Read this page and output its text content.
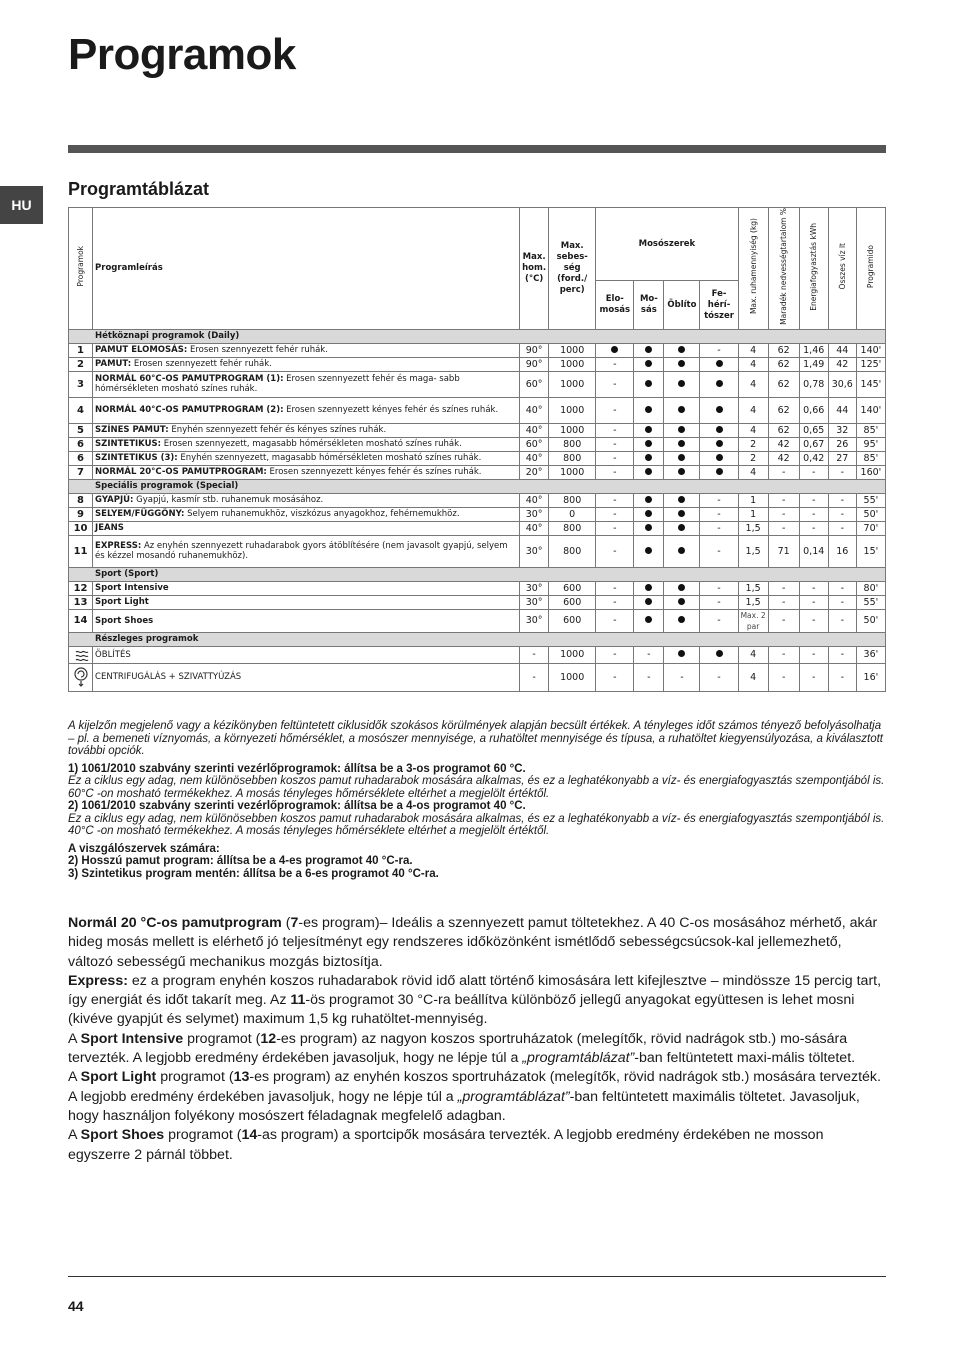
Programok
HU
Programtáblázat
Programok	Programleírás	Max. hom. (°C)	Max. sebes- ség (ford./ perc)	Mosószerek				Max. ruhamennyiség (kg)	Maradék nedvességtartalom %	Energiafogyasztás kWh	Összes víz lt	Programido
				Elo- mosás	Mo- sás	Öblíto	Fe- hérí- tószer					
Hétköznapi programok (Daily)												
1	PAMUT ELOMOSÁS: Erosen szennyezett fehér ruhák.	90°	1000				-	4	62	1,46	44	140'
2	PAMUT: Erosen szennyezett fehér ruhák.	90°	1000	-				4	62	1,49	42	125'
3	NORMÁL 60°C-OS PAMUTPROGRAM (1): Erosen szennyezett fehér és maga- sabb hómérsékleten mosható színes ruhák.	60°	1000	-				4	62	0,78	30,6	145'
4	NORMÁL 40°C-OS PAMUTPROGRAM (2): Erosen szennyezett kényes fehér és színes ruhák.	40°	1000	-				4	62	0,66	44	140'
5	SZÍNES PAMUT: Enyhén szennyezett fehér és kényes színes ruhák.	40°	1000	-				4	62	0,65	32	85'
6	SZINTETIKUS: Erosen szennyezett, magasabb hómérsékleten mosható színes ruhák.	60°	800	-				2	42	0,67	26	95'
6	SZINTETIKUS (3): Enyhén szennyezett, magasabb hómérsékleten mosható színes ruhák.	40°	800	-				2	42	0,42	27	85'
7	NORMÁL 20°C-OS PAMUTPROGRAM: Erosen szennyezett kényes fehér és színes ruhák.	20°	1000	-				4	-	-	-	160'
Speciális programok (Special)												
8	GYAPJÚ: Gyapjú, kasmír stb. ruhanemuk mosásához.	40°	800	-			-	1	-	-	-	55'
9	SELYEM/FÜGGÖNY: Selyem ruhanemukhöz, viszkózus anyagokhoz, fehérnemukhöz.	30°	0	-			-	1	-	-	-	50'
10	JEANS	40°	800	-			-	1,5	-	-	-	70'
11	EXPRESS: Az enyhén szennyezett ruhadarabok gyors átöblítésére (nem javasolt gyapjú, selyem és kézzel mosandó ruhanemukhöz).	30°	800	-			-	1,5	71	0,14	16	15'
Sport (Sport)												
12	Sport Intensive	30°	600	-			-	1,5	-	-	-	80'
13	Sport Light	30°	600	-			-	1,5	-	-	-	55'
14	Sport Shoes	30°	600	-			-	Max. 2 par	-	-	-	50'
Részleges programok												

	ÖBLÍTÉS	-	1000	-	-			4	-	-	-	36'

	CENTRIFUGÁLÁS + SZIVATTYÚZÁS	-	1000	-	-	-	-	4	-	-	-	16'

A kijelzőn megjelenő vagy a kézikönyben feltüntetett ciklusidők szokásos körülmények alapján becsült értékek. A tényleges időt számos tényező befolyásolhatja – pl. a bemeneti víznyomás, a környezeti hőmérséklet, a mosószer mennyisége, a ruhatöltet mennyisége és típusa, a ruhatöltet kiegyensúlyozása, a kiválasztott további opciók.

1) 1061/2010 szabvány szerinti vezérlőprogramok: állítsa be a 3-os programot 60 °C.

Ez a ciklus egy adag, nem különösebben koszos pamut ruhadarabok mosására alkalmas, és ez a leghatékonyabb a víz- és energiafogyasztás szempontjából is. 60°C -on mosható termékekhez. A mosás tényleges hőmérséklete eltérhet a megjelölt értéktől.

2) 1061/2010 szabvány szerinti vezérlőprogramok: állítsa be a 4-os programot 40 °C.

Ez a ciklus egy adag, nem különösebben koszos pamut ruhadarabok mosására alkalmas, és ez a leghatékonyabb a víz- és energiafogyasztás szempontjából is. 40°C -on mosható termékekhez. A mosás tényleges hőmérséklete eltérhet a megjelölt értéktől.

A viszgálószervek számára:

2) Hosszú pamut program: állítsa be a 4-es programot 40 °C-ra.

3) Szintetikus program mentén: állítsa be a 6-es programot 40 °C-ra.

Normál 20 °C-os pamutprogram (7-es program)– Ideális a szennyezett pamut töltetekhez. A 40 C-os mosásához mérhető, akár hideg mosás mellett is elérhető jó teljesítményt egy rendszeres időközönként ismétlődő sebességcsúcsok-kal jellemezhető, változó sebességű mechanikus mozgás biztosítja.

Express: ez a program enyhén koszos ruhadarabok rövid idő alatt történő kimosására lett kifejlesztve – mindössze 15 percig tart, így energiát és időt takarít meg. Az 11-ös programot 30 °C-ra beállítva különböző jellegű anyagokat együttesen is lehet mosni (kivéve gyapjút és selymet) maximum 1,5 kg ruhatöltet-mennyiség.

A Sport Intensive programot (12-es program) az nagyon koszos sportruházatok (melegítők, rövid nadrágok stb.) mo-sására tervezték. A legjobb eredmény érdekében javasoljuk, hogy ne lépje túl a „programtáblázat”-ban feltüntetett maxi-mális töltetet.

A Sport Light programot (13-es program) az enyhén koszos sportruházatok (melegítők, rövid nadrágok stb.) mosására tervezték. A legjobb eredmény érdekében javasoljuk, hogy ne lépje túl a „programtáblázat”-ban feltüntetett maximális töltetet. Javasoljuk, hogy használjon folyékony mosószert féladagnak megfelelő adagban.

A Sport Shoes programot (14-as program) a sportcipők mosására tervezték. A legjobb eredmény érdekében ne mosson egyszerre 2 párnál többet.

44
